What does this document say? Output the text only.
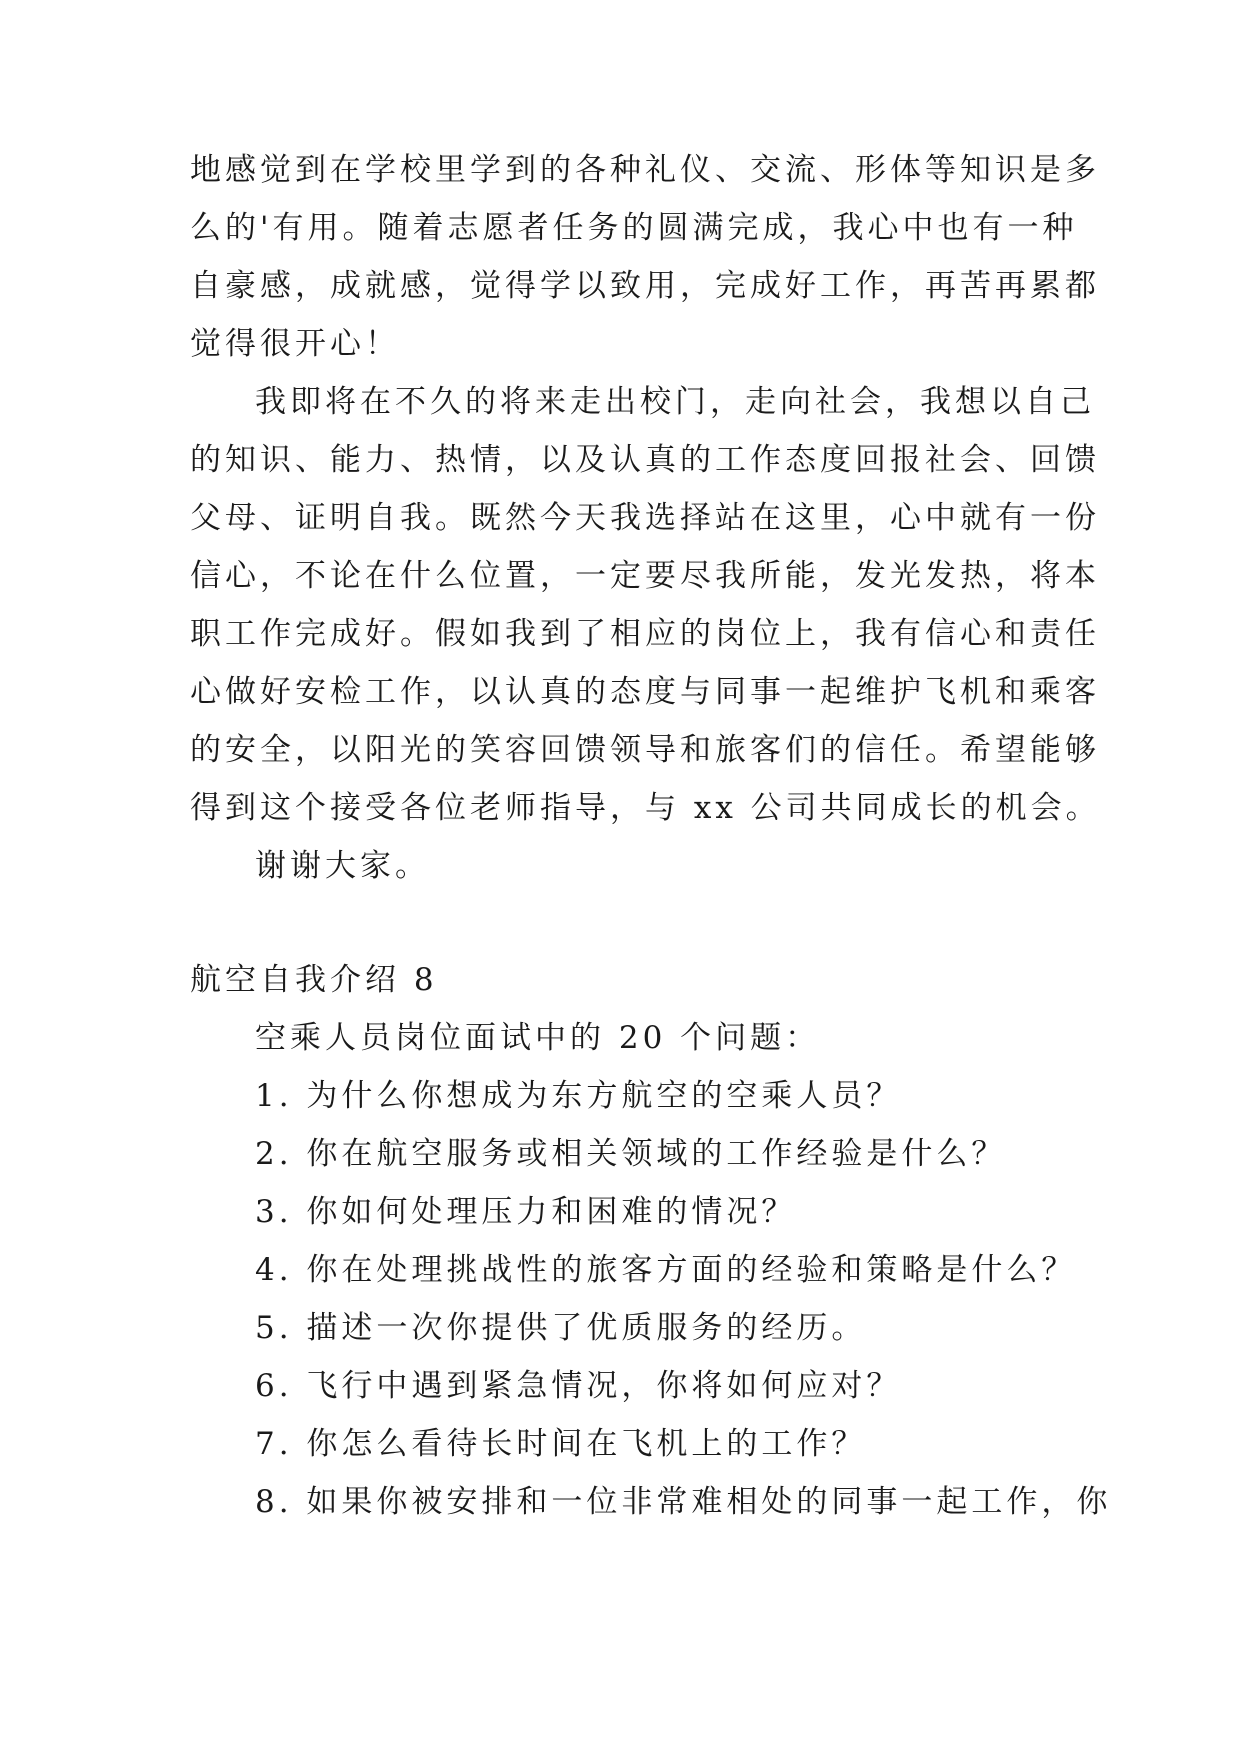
地感觉到在学校里学到的各种礼仪、交流、形体等知识是多
么的'有用。随着志愿者任务的圆满完成，我心中也有一种
自豪感，成就感，觉得学以致用，完成好工作，再苦再累都
觉得很开心！
我即将在不久的将来走出校门，走向社会，我想以自己
的知识、能力、热情，以及认真的工作态度回报社会、回馈
父母、证明自我。既然今天我选择站在这里，心中就有一份
信心，不论在什么位置，一定要尽我所能，发光发热，将本
职工作完成好。假如我到了相应的岗位上，我有信心和责任
心做好安检工作，以认真的态度与同事一起维护飞机和乘客
的安全，以阳光的笑容回馈领导和旅客们的信任。希望能够
得到这个接受各位老师指导，与 xx 公司共同成长的机会。
谢谢大家。
航空自我介绍 8
空乘人员岗位面试中的 20 个问题：
1. 为什么你想成为东方航空的空乘人员？
2. 你在航空服务或相关领域的工作经验是什么？
3. 你如何处理压力和困难的情况？
4. 你在处理挑战性的旅客方面的经验和策略是什么？
5. 描述一次你提供了优质服务的经历。
6. 飞行中遇到紧急情况，你将如何应对？
7. 你怎么看待长时间在飞机上的工作？
8. 如果你被安排和一位非常难相处的同事一起工作，你
